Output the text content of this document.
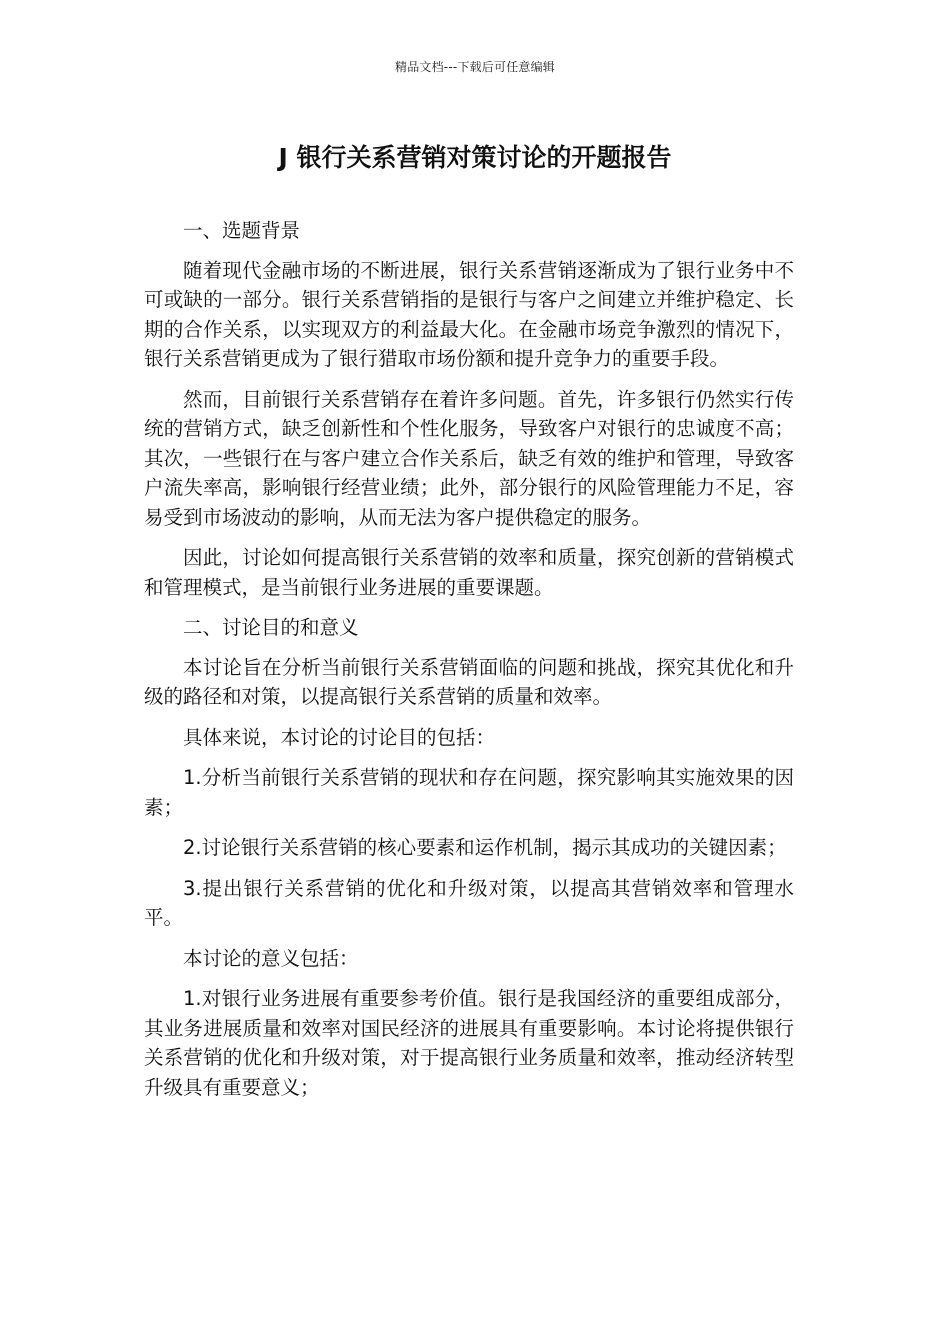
精品文档---下载后可任意编辑
J 银行关系营销对策讨论的开题报告
一、选题背景

随着现代金融市场的不断进展，银行关系营销逐渐成为了银行业务中不可或缺的一部分。银行关系营销指的是银行与客户之间建立并维护稳定、长期的合作关系，以实现双方的利益最大化。在金融市场竞争激烈的情况下，银行关系营销更成为了银行猎取市场份额和提升竞争力的重要手段。

然而，目前银行关系营销存在着许多问题。首先，许多银行仍然实行传统的营销方式，缺乏创新性和个性化服务，导致客户对银行的忠诚度不高；其次，一些银行在与客户建立合作关系后，缺乏有效的维护和管理，导致客户流失率高，影响银行经营业绩；此外，部分银行的风险管理能力不足，容易受到市场波动的影响，从而无法为客户提供稳定的服务。

因此，讨论如何提高银行关系营销的效率和质量，探究创新的营销模式和管理模式，是当前银行业务进展的重要课题。

二、讨论目的和意义

本讨论旨在分析当前银行关系营销面临的问题和挑战，探究其优化和升级的路径和对策，以提高银行关系营销的质量和效率。

具体来说，本讨论的讨论目的包括：

1.分析当前银行关系营销的现状和存在问题，探究影响其实施效果的因素；

2.讨论银行关系营销的核心要素和运作机制，揭示其成功的关键因素；

3.提出银行关系营销的优化和升级对策，以提高其营销效率和管理水平。

本讨论的意义包括：

1.对银行业务进展有重要参考价值。银行是我国经济的重要组成部分，其业务进展质量和效率对国民经济的进展具有重要影响。本讨论将提供银行关系营销的优化和升级对策，对于提高银行业务质量和效率，推动经济转型升级具有重要意义；
